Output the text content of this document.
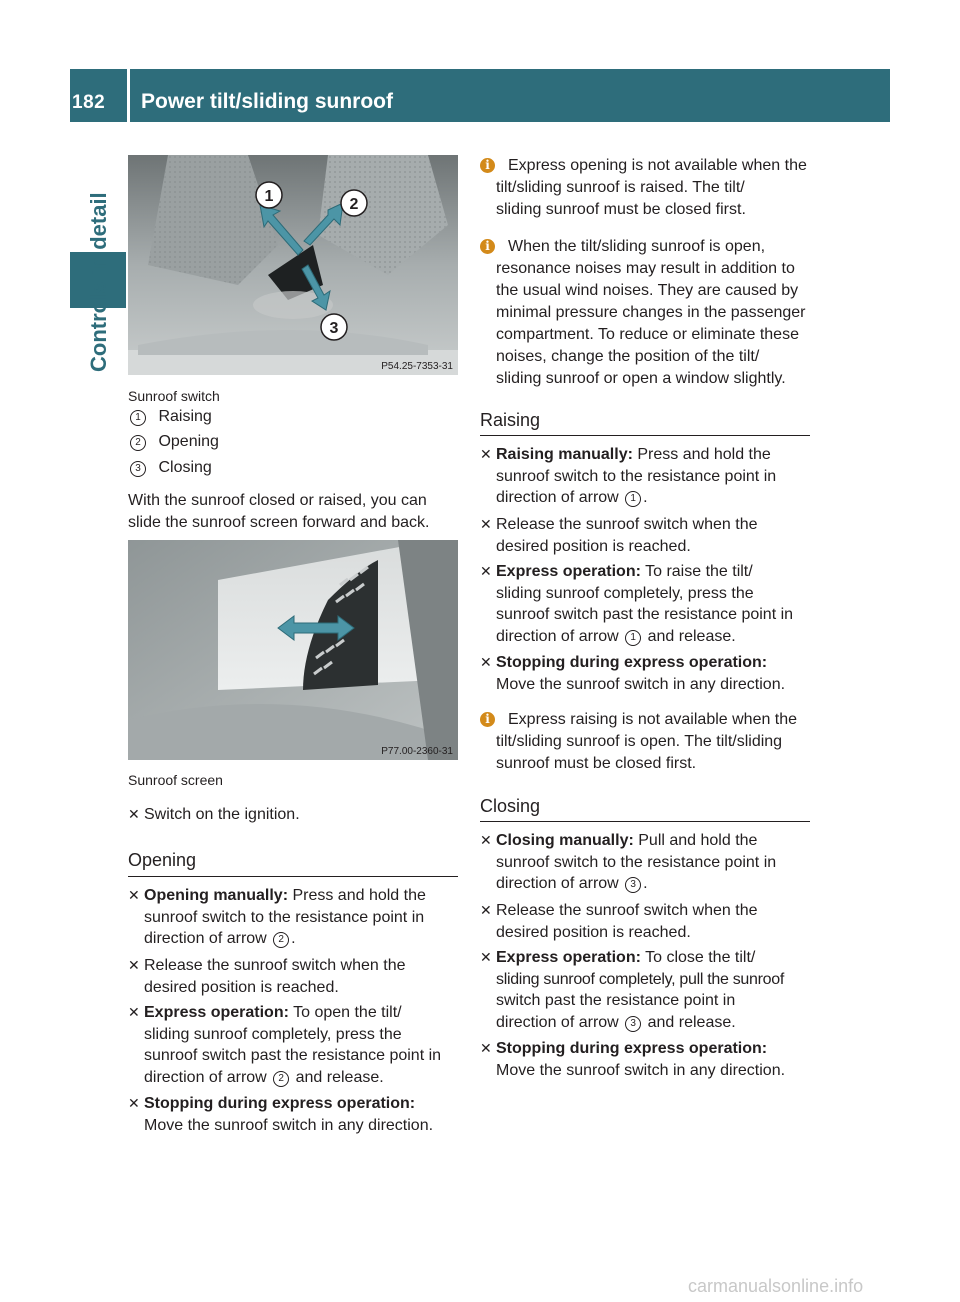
182 Power tilt/sliding sunroof
Controls in detail	1	2
3
P54.25-7353-31
Sunroof switch
1 Raising
2 Opening
3 Closing
With the sunroof closed or raised, you can
slide the sunroof screen forward and back.
P77.00-2360-31
Sunroof screen
✕ Switch on the ignition.
Opening
✕ Opening manually: Press and hold the
sunroof switch to the resistance point in
direction of arrow 2 .
✕ Release the sunroof switch when the
desired position is reached.
✕ Express operation: To open the tilt/
sliding sunroof completely, press the
sunroof switch past the resistance point in
direction of arrow 2 and release.
✕ Stopping during express operation:
Move the sunroof switch in any direction.
i	Express opening is not available when the
tilt/sliding sunroof is raised. The tilt/
sliding sunroof must be closed first.
i	When the tilt/sliding sunroof is open,
resonance noises may result in addition to
the usual wind noises. They are caused by
minimal pressure changes in the passenger
compartment. To reduce or eliminate these
noises, change the position of the tilt/
sliding sunroof or open a window slightly.
Raising
✕ Raising manually: Press and hold the
sunroof switch to the resistance point in
direction of arrow 1 .
✕ Release the sunroof switch when the
desired position is reached.
✕ Express operation: To raise the tilt/
sliding sunroof completely, press the
sunroof switch past the resistance point in
direction of arrow 1 and release.
✕ Stopping during express operation:
Move the sunroof switch in any direction.
i	Express raising is not available when the
tilt/sliding sunroof is open. The tilt/sliding
sunroof must be closed first.
Closing
✕ Closing manually: Pull and hold the
sunroof switch to the resistance point in
direction of arrow 3 .
✕ Release the sunroof switch when the
desired position is reached.
✕ Express operation: To close the tilt/
sliding sunroof completely, pull the sunroof
switch past the resistance point in
direction of arrow 3 and release.
✕ Stopping during express operation:
Move the sunroof switch in any direction.
carmanualsonline.info
